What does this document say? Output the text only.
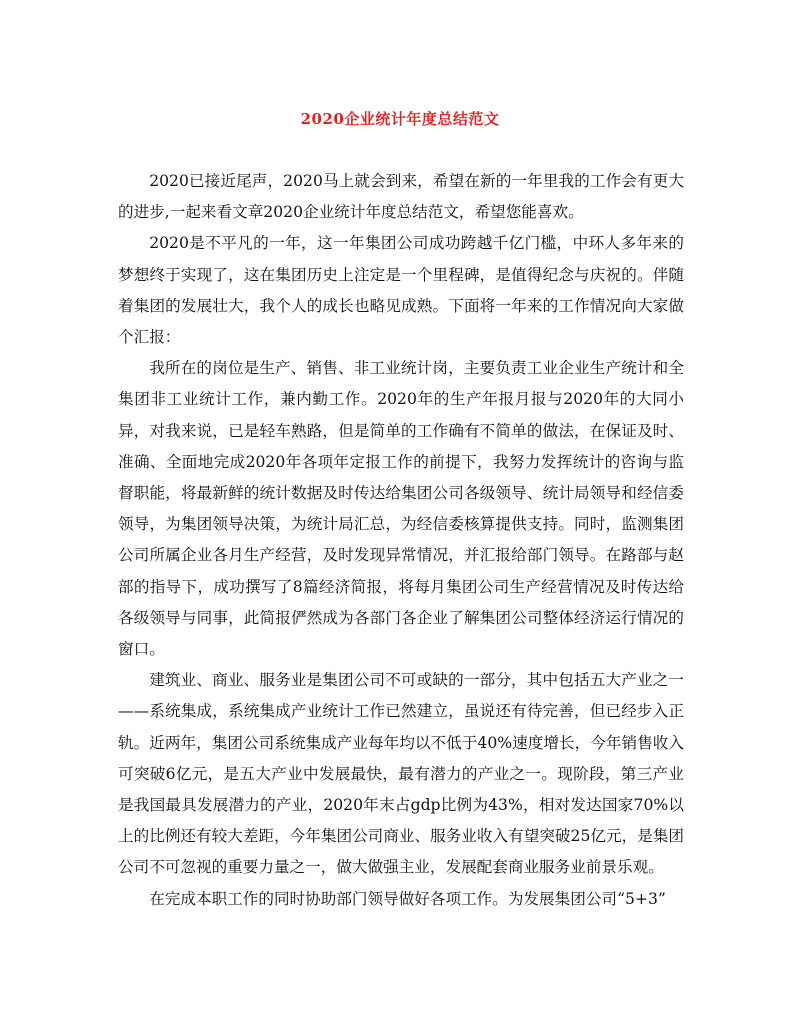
2020企业统计年度总结范文

2020已接近尾声，2020马上就会到来，希望在新的一年里我的工作会有更大的进步,一起来看文章2020企业统计年度总结范文，希望您能喜欢。

2020是不平凡的一年，这一年集团公司成功跨越千亿门槛，中环人多年来的梦想终于实现了，这在集团历史上注定是一个里程碑，是值得纪念与庆祝的。伴随着集团的发展壮大，我个人的成长也略见成熟。下面将一年来的工作情况向大家做个汇报：

我所在的岗位是生产、销售、非工业统计岗，主要负责工业企业生产统计和全集团非工业统计工作，兼内勤工作。2020年的生产年报月报与2020年的大同小异，对我来说，已是轻车熟路，但是简单的工作确有不简单的做法，在保证及时、准确、全面地完成2020年各项年定报工作的前提下，我努力发挥统计的咨询与监督职能，将最新鲜的统计数据及时传达给集团公司各级领导、统计局领导和经信委领导，为集团领导决策，为统计局汇总，为经信委核算提供支持。同时，监测集团公司所属企业各月生产经营，及时发现异常情况，并汇报给部门领导。在路部与赵部的指导下，成功撰写了8篇经济简报，将每月集团公司生产经营情况及时传达给各级领导与同事，此简报俨然成为各部门各企业了解集团公司整体经济运行情况的窗口。

建筑业、商业、服务业是集团公司不可或缺的一部分，其中包括五大产业之一——系统集成，系统集成产业统计工作已然建立，虽说还有待完善，但已经步入正轨。近两年，集团公司系统集成产业每年均以不低于40%速度增长，今年销售收入可突破6亿元，是五大产业中发展最快，最有潜力的产业之一。现阶段，第三产业是我国最具发展潜力的产业，2020年末占gdp比例为43%，相对发达国家70%以上的比例还有较大差距，今年集团公司商业、服务业收入有望突破25亿元，是集团公司不可忽视的重要力量之一，做大做强主业，发展配套商业服务业前景乐观。

在完成本职工作的同时协助部门领导做好各项工作。为发展集团公司“5+3”
